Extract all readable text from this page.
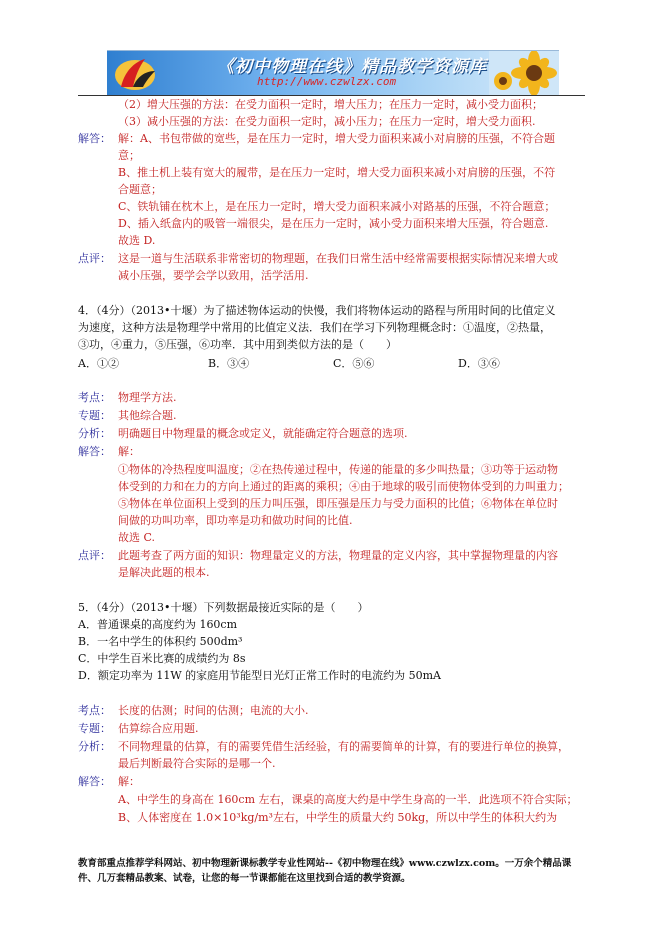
《初中物理在线》精品教学资源库
http://www.czwlzx.com
（2）增大压强的方法：在受力面积一定时，增大压力；在压力一定时，减小受力面积；
（3）减小压强的方法：在受力面积一定时，减小压力；在压力一定时，增大受力面积.
解答： 解：A、书包带做的宽些，是在压力一定时，增大受力面积来减小对肩膀的压强，不符合题
意；
B、推土机上装有宽大的履带，是在压力一定时，增大受力面积来减小对肩膀的压强，不符
合题意；
C、铁轨铺在枕木上，是在压力一定时，增大受力面积来减小对路基的压强，不符合题意；
D、插入纸盒内的吸管一端很尖，是在压力一定时，减小受力面积来增大压强，符合题意.
故选 D.
点评： 这是一道与生活联系非常密切的物理题，在我们日常生活中经常需要根据实际情况来增大或
减小压强，要学会学以致用，活学活用.
4．（4分）（2013•十堰）为了描述物体运动的快慢，我们将物体运动的路程与所用时间的比值定义
为速度，这种方法是物理学中常用的比值定义法．我们在学习下列物理概念时：①温度，②热量，
③功，④重力，⑤压强，⑥功率．其中用到类似方法的是（　　）
A．①②	B．③④	C．⑤⑥	D．③⑥
考点： 物理学方法.
专题： 其他综合题.
分析： 明确题目中物理量的概念或定义，就能确定符合题意的选项.
解答： 解：
①物体的冷热程度叫温度；②在热传递过程中，传递的能量的多少叫热量；③功等于运动物
体受到的力和在力的方向上通过的距离的乘积；④由于地球的吸引而使物体受到的力叫重力；
⑤物体在单位面积上受到的压力叫压强，即压强是压力与受力面积的比值；⑥物体在单位时
间做的功叫功率，即功率是功和做功时间的比值.
故选 C.
点评： 此题考查了两方面的知识：物理量定义的方法，物理量的定义内容，其中掌握物理量的内容
是解决此题的根本.
5．（4分）（2013•十堰）下列数据最接近实际的是（　　）
A．普通课桌的高度约为 160cm
B．一名中学生的体积约 500dm³
C．中学生百米比赛的成绩约为 8s
D．额定功率为 11W 的家庭用节能型日光灯正常工作时的电流约为 50mA
考点： 长度的估测；时间的估测；电流的大小.
专题： 估算综合应用题.
分析： 不同物理量的估算，有的需要凭借生活经验，有的需要简单的计算，有的要进行单位的换算，
最后判断最符合实际的是哪一个.
解答： 解：
A、中学生的身高在 160cm 左右，课桌的高度大约是中学生身高的一半．此选项不符合实际；
B、人体密度在 1.0×10³kg/m³左右，中学生的质量大约 50kg，所以中学生的体积大约为
教育部重点推荐学科网站、初中物理新课标教学专业性网站--《初中物理在线》www.czwlzx.com。一万余个精品课
件、几万套精品教案、试卷，让您的每一节课都能在这里找到合适的教学资源。
